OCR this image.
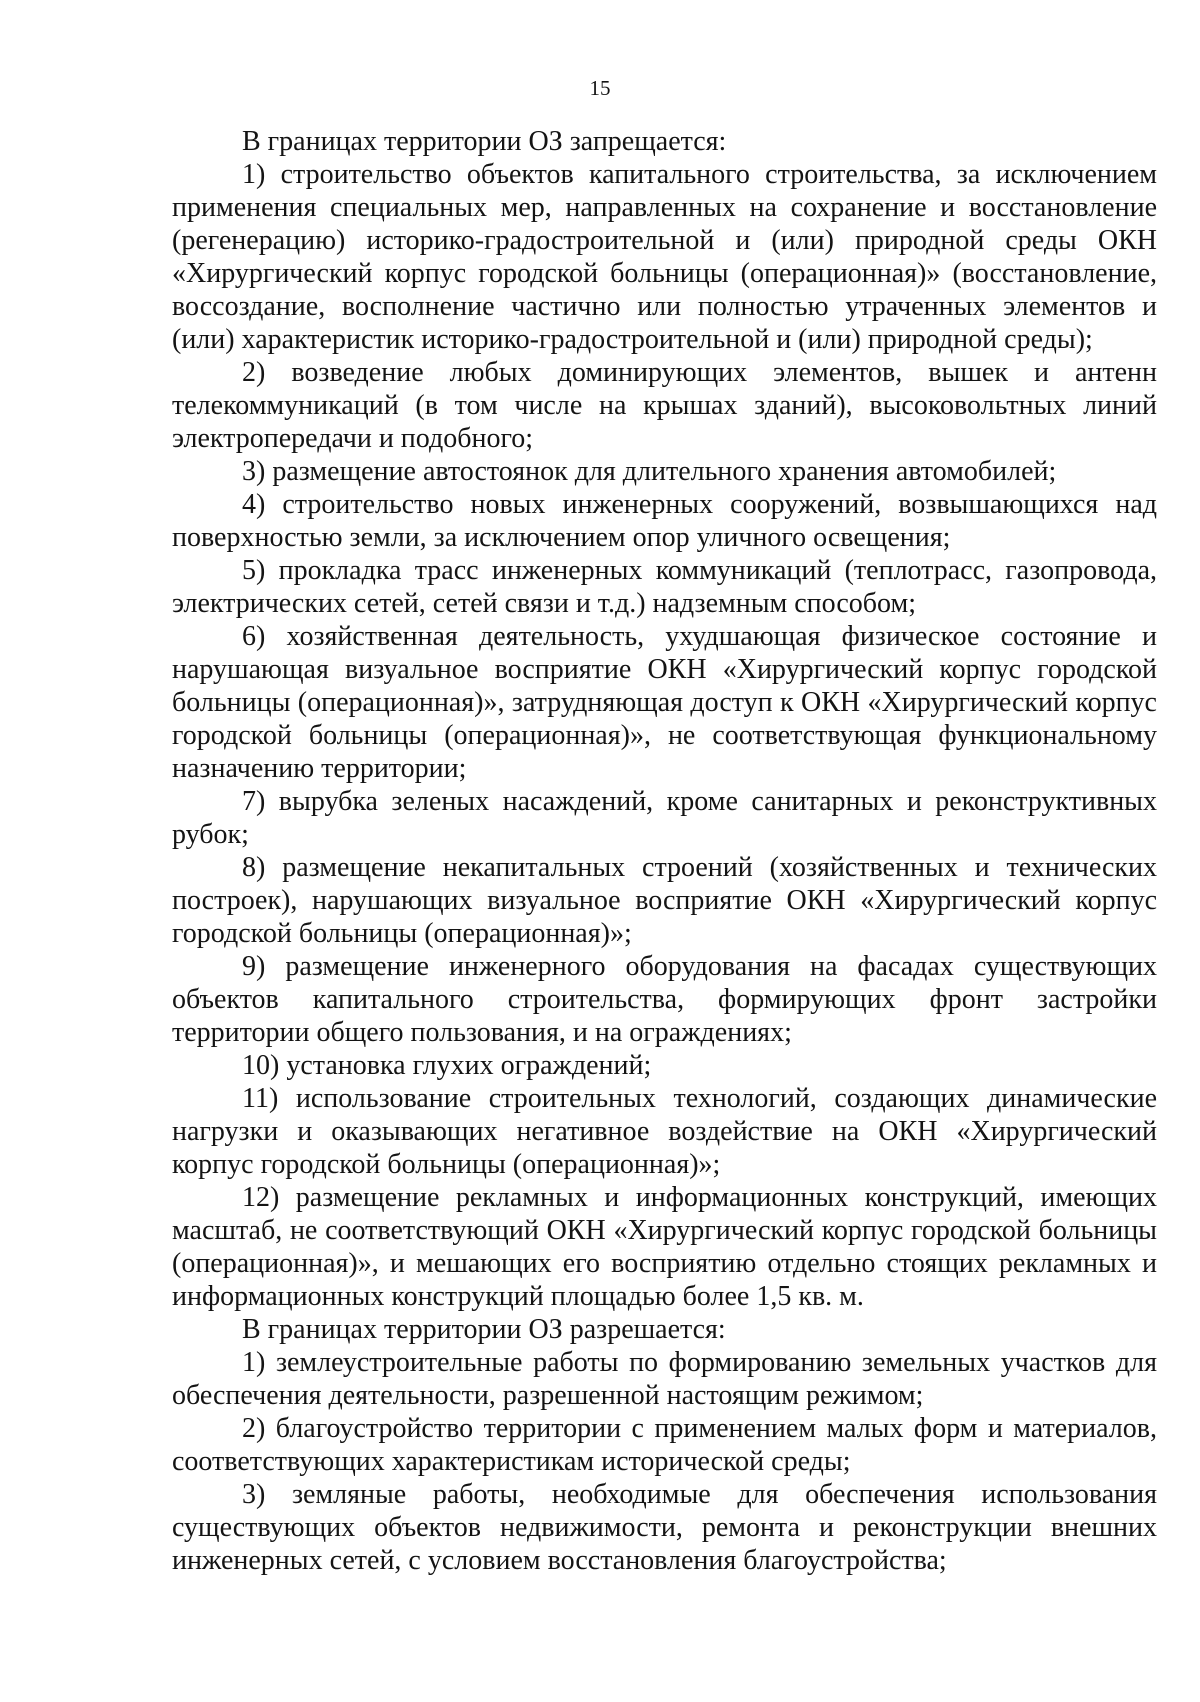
15

В границах территории ОЗ запрещается:

1) строительство объектов капитального строительства, за исключением применения специальных мер, направленных на сохранение и восстановление (регенерацию) историко-градостроительной и (или) природной среды ОКН «Хирургический корпус городской больницы (операционная)» (восстановление, воссоздание, восполнение частично или полностью утраченных элементов и (или) характеристик историко-градостроительной и (или) природной среды);

2) возведение любых доминирующих элементов, вышек и антенн телекоммуникаций (в том числе на крышах зданий), высоковольтных линий электропередачи и подобного;

3) размещение автостоянок для длительного хранения автомобилей;

4) строительство новых инженерных сооружений, возвышающихся над поверхностью земли, за исключением опор уличного освещения;

5) прокладка трасс инженерных коммуникаций (теплотрасс, газопровода, электрических сетей, сетей связи и т.д.) надземным способом;

6) хозяйственная деятельность, ухудшающая физическое состояние и нарушающая визуальное восприятие ОКН «Хирургический корпус городской больницы (операционная)», затрудняющая доступ к ОКН «Хирургический корпус городской больницы (операционная)», не соответствующая функциональному назначению территории;

7) вырубка зеленых насаждений, кроме санитарных и реконструктивных рубок;

8) размещение некапитальных строений (хозяйственных и технических построек), нарушающих визуальное восприятие ОКН «Хирургический корпус городской больницы (операционная)»;

9) размещение инженерного оборудования на фасадах существующих объектов капитального строительства, формирующих фронт застройки территории общего пользования, и на ограждениях;

10) установка глухих ограждений;

11) использование строительных технологий, создающих динамические нагрузки и оказывающих негативное воздействие на ОКН «Хирургический корпус городской больницы (операционная)»;

12) размещение рекламных и информационных конструкций, имеющих масштаб, не соответствующий ОКН «Хирургический корпус городской больницы (операционная)», и мешающих его восприятию отдельно стоящих рекламных и информационных конструкций площадью более 1,5 кв. м.

В границах территории ОЗ разрешается:

1) землеустроительные работы по формированию земельных участков для обеспечения деятельности, разрешенной настоящим режимом;

2) благоустройство территории с применением малых форм и материалов, соответствующих характеристикам исторической среды;

3) земляные работы, необходимые для обеспечения использования существующих объектов недвижимости, ремонта и реконструкции внешних инженерных сетей, с условием восстановления благоустройства;
